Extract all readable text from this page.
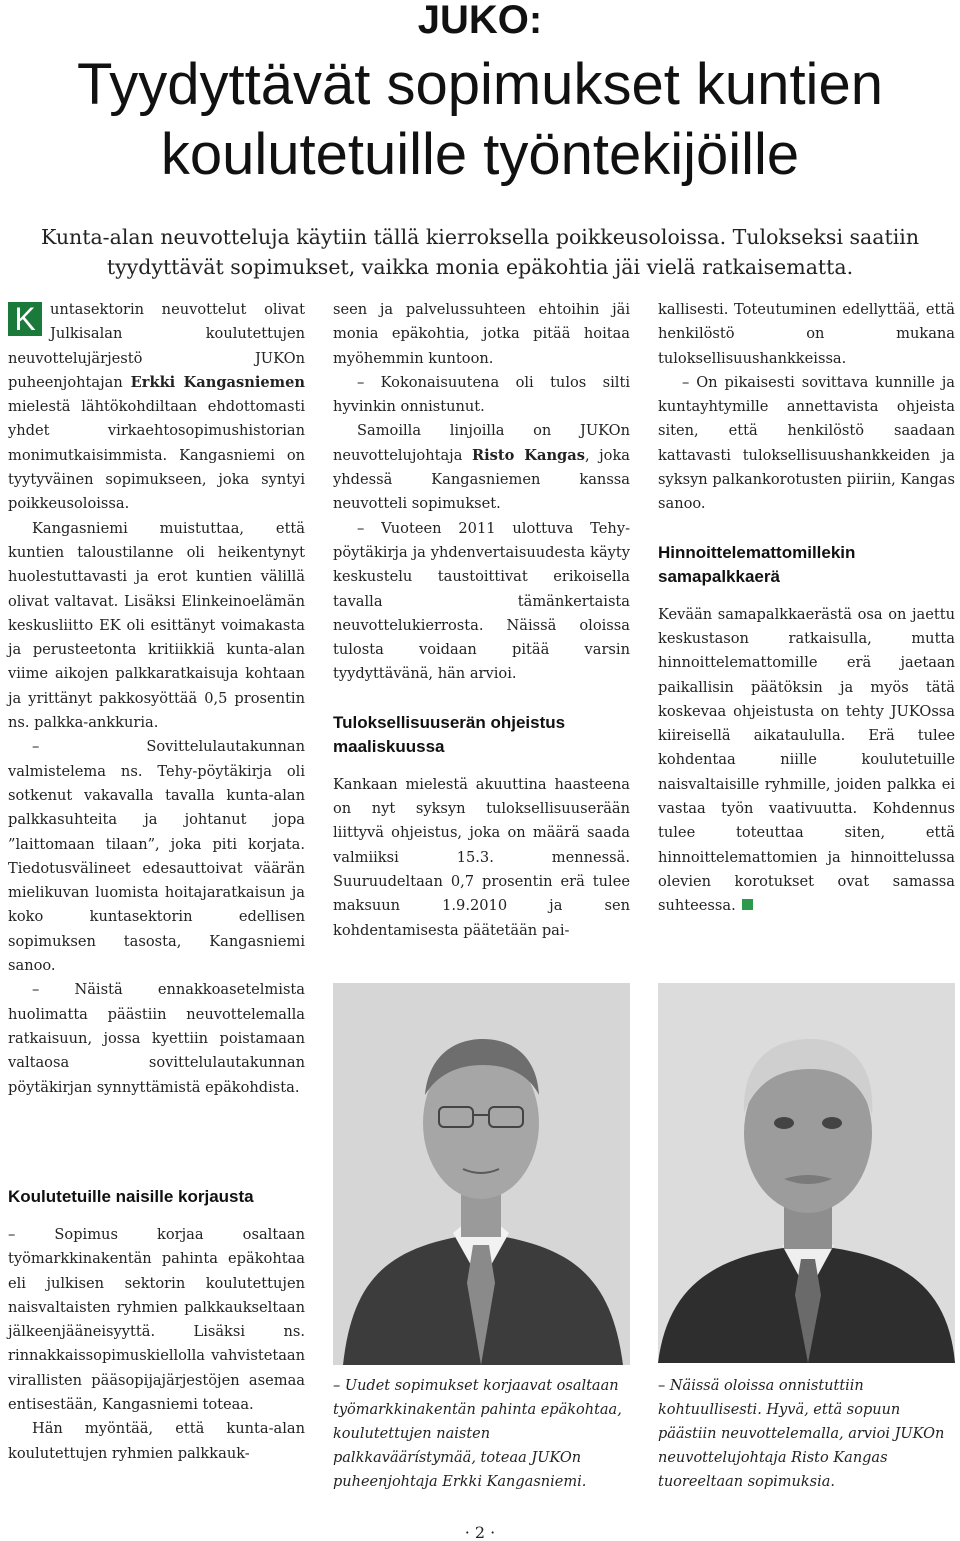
JUKO:
Tyydyttävät sopimukset kuntien
koulutetuille työntekijöille
Kunta-alan neuvotteluja käytiin tällä kierroksella poikkeusoloissa. Tulokseksi saatiin
tyydyttävät sopimukset, vaikka monia epäkohtia jäi vielä ratkaisematta.

K untasektorin neuvottelut olivat Julkisalan koulutettujen neuvottelujärjestö JUKOn puheenjohtajan Erkki Kangasniemen mielestä lähtökohdiltaan ehdottomasti yhdet virkaehtosopimushistorian monimutkaisimmista. Kangasniemi on tyytyväinen sopimukseen, joka syntyi poikkeusoloissa.

Kangasniemi muistuttaa, että kuntien taloustilanne oli heikentynyt huolestuttavasti ja erot kuntien välillä olivat valtavat. Lisäksi Elinkeinoelämän keskusliitto EK oli esittänyt voimakasta ja perusteetonta kritiikkiä kunta-alan viime aikojen palkkaratkaisuja kohtaan ja yrittänyt pakkosyöttää 0,5 prosentin ns. palkka-ankkuria.

– Sovittelulautakunnan valmistelema ns. Tehy-pöytäkirja oli sotkenut vakavalla tavalla kunta-alan palkkasuhteita ja johtanut jopa ”laittomaan tilaan”, joka piti korjata. Tiedotusvälineet edesauttoivat väärän mielikuvan luomista hoitajaratkaisun ja koko kuntasektorin edellisen sopimuksen tasosta, Kangasniemi sanoo.

– Näistä ennakkoasetelmista huolimatta päästiin neuvottelemalla ratkaisuun, jossa kyettiin poistamaan valtaosa sovittelulautakunnan pöytäkirjan synnyttämistä epäkohdista.

Koulutetuille naisille korjausta

– Sopimus korjaa osaltaan työmarkkinakentän pahinta epäkohtaa eli julkisen sektorin koulutettujen naisvaltaisten ryhmien palkkaukseltaan jälkeenjääneisyyttä. Lisäksi ns. rinnakkaissopimuskiellolla vahvistetaan virallisten pääsopijajärjestöjen asemaa entisestään, Kangasniemi toteaa.

Hän myöntää, että kunta-alan koulutettujen ryhmien palkkauk-

seen ja palvelussuhteen ehtoihin jäi monia epäkohtia, jotka pitää hoitaa myöhemmin kuntoon.

– Kokonaisuutena oli tulos silti hyvinkin onnistunut.

Samoilla linjoilla on JUKOn neuvottelujohtaja Risto Kangas, joka yhdessä Kangasniemen kanssa neuvotteli sopimukset.

– Vuoteen 2011 ulottuva Tehy-pöytäkirja ja yhdenvertaisuudesta käyty keskustelu taustoittivat erikoisella tavalla tämänkertaista neuvottelukierrosta. Näissä oloissa tulosta voidaan pitää varsin tyydyttävänä, hän arvioi.

Tuloksellisuuserän ohjeistus maaliskuussa

Kankaan mielestä akuuttina haasteena on nyt syksyn tuloksellisuuserään liittyvä ohjeistus, joka on määrä saada valmiiksi 15.3. mennessä. Suuruudeltaan 0,7 prosentin erä tulee maksuun 1.9.2010 ja sen kohdentamisesta päätetään pai-

kallisesti. Toteutuminen edellyttää, että henkilöstö on mukana tuloksellisuushankkeissa.

– On pikaisesti sovittava kunnille ja kuntayhtymille annettavista ohjeista siten, että henkilöstö saadaan kattavasti tuloksellisuushankkeiden ja syksyn palkankorotusten piiriin, Kangas sanoo.

Hinnoittelemattomillekin samapalkkaerä

Kevään samapalkkaerästä osa on jaettu keskustason ratkaisulla, mutta hinnoittelemattomille erä jaetaan paikallisin päätöksin ja myös tätä koskevaa ohjeistusta on tehty JUKOssa kiireisellä aikataululla. Erä tulee kohdentaa niille koulutetuille naisvaltaisille ryhmille, joiden palkka ei vastaa työn vaativuutta. Kohdennus tulee toteuttaa siten, että hinnoittelemattomien ja hinnoittelussa olevien korotukset ovat samassa suhteessa.

– Uudet sopimukset korjaavat osaltaan työmarkkinakentän pahinta epäkohtaa, koulutettujen naisten palkkaväärístymää, toteaa JUKOn puheenjohtaja Erkki Kangasniemi.
– Näissä oloissa onnistuttiin kohtuullisesti. Hyvä, että sopuun päästiin neuvottelemalla, arvioi JUKOn neuvottelujohtaja Risto Kangas tuoreeltaan sopimuksia.
· 2 ·
